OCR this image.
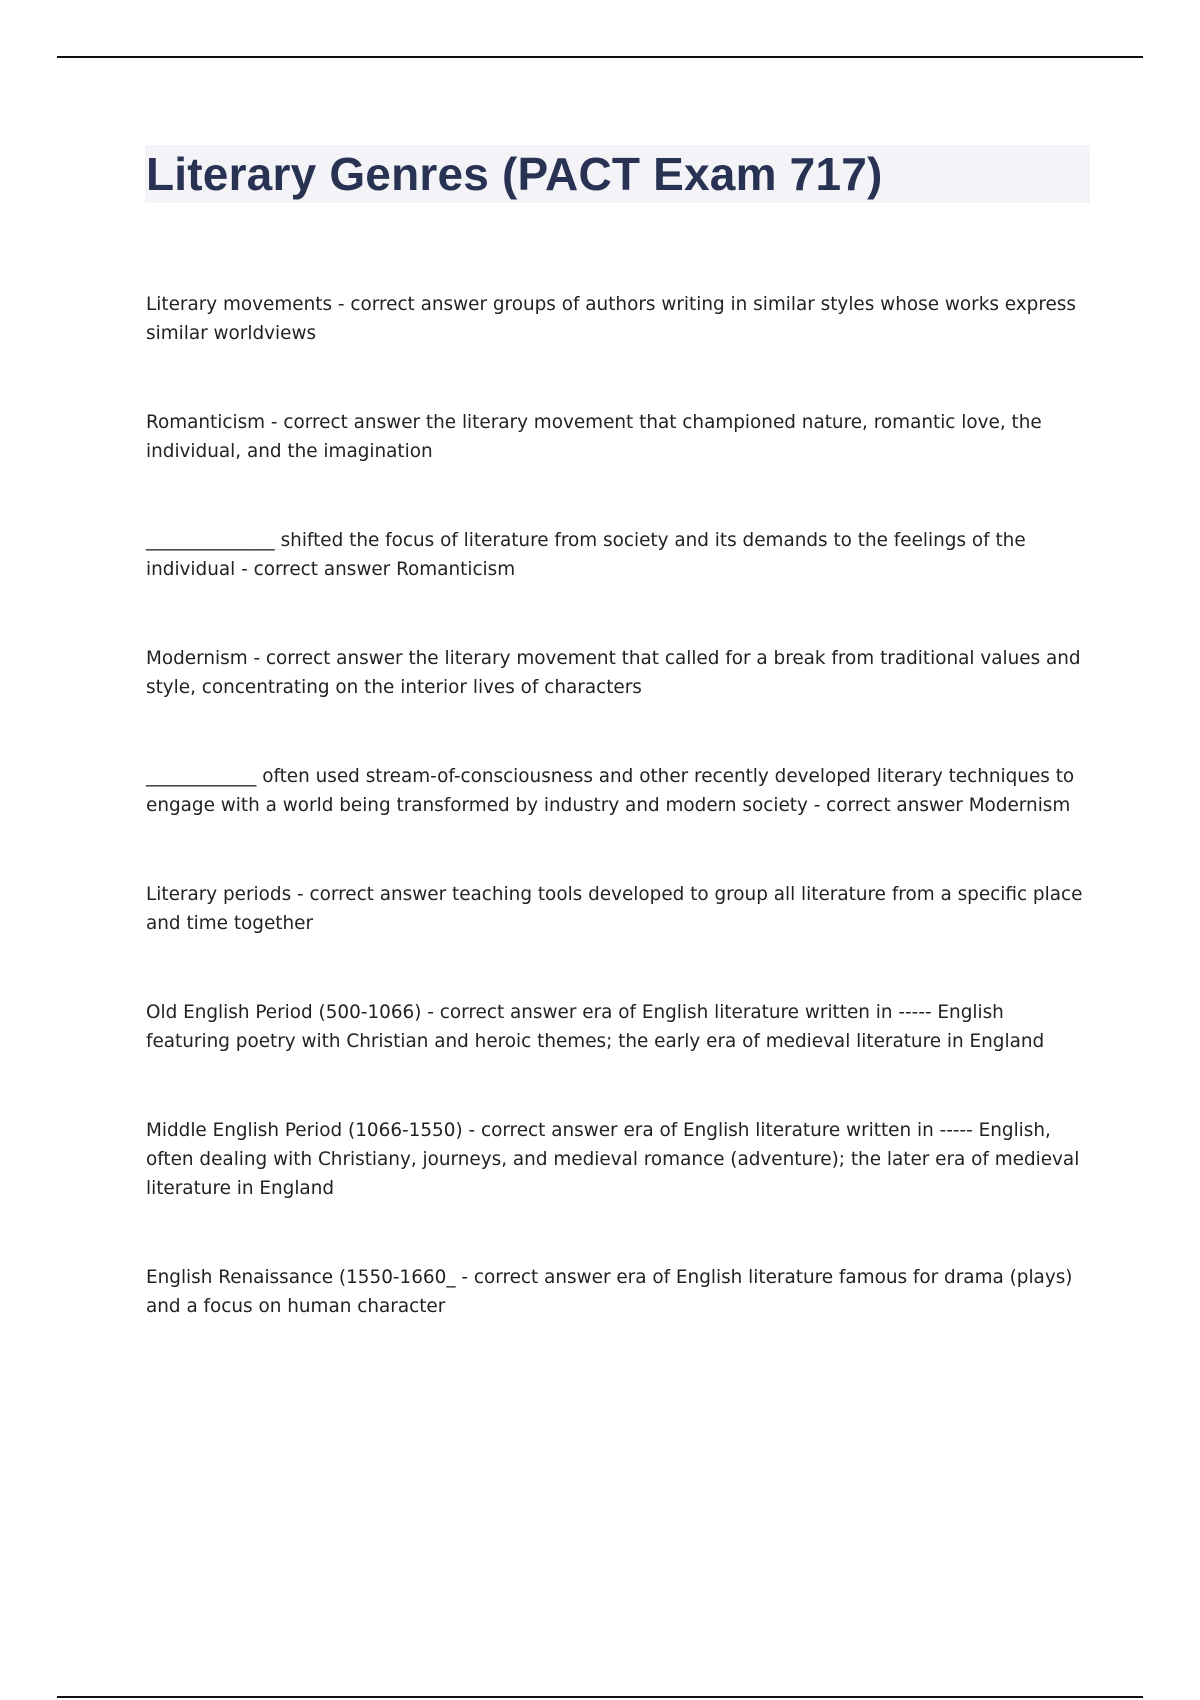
Literary Genres (PACT Exam 717)

Literary movements - correct answer groups of authors writing in similar styles whose works express similar worldviews

Romanticism - correct answer the literary movement that championed nature, romantic love, the individual, and the imagination

______________ shifted the focus of literature from society and its demands to the feelings of the individual - correct answer Romanticism

Modernism - correct answer the literary movement that called for a break from traditional values and style, concentrating on the interior lives of characters

____________ often used stream-of-consciousness and other recently developed literary techniques to engage with a world being transformed by industry and modern society - correct answer Modernism

Literary periods - correct answer teaching tools developed to group all literature from a specific place and time together

Old English Period (500-1066) - correct answer era of English literature written in ----- English featuring poetry with Christian and heroic themes; the early era of medieval literature in England

Middle English Period (1066-1550) - correct answer era of English literature written in ----- English, often dealing with Christiany, journeys, and medieval romance (adventure); the later era of medieval literature in England

English Renaissance (1550-1660_ - correct answer era of English literature famous for drama (plays) and a focus on human character
